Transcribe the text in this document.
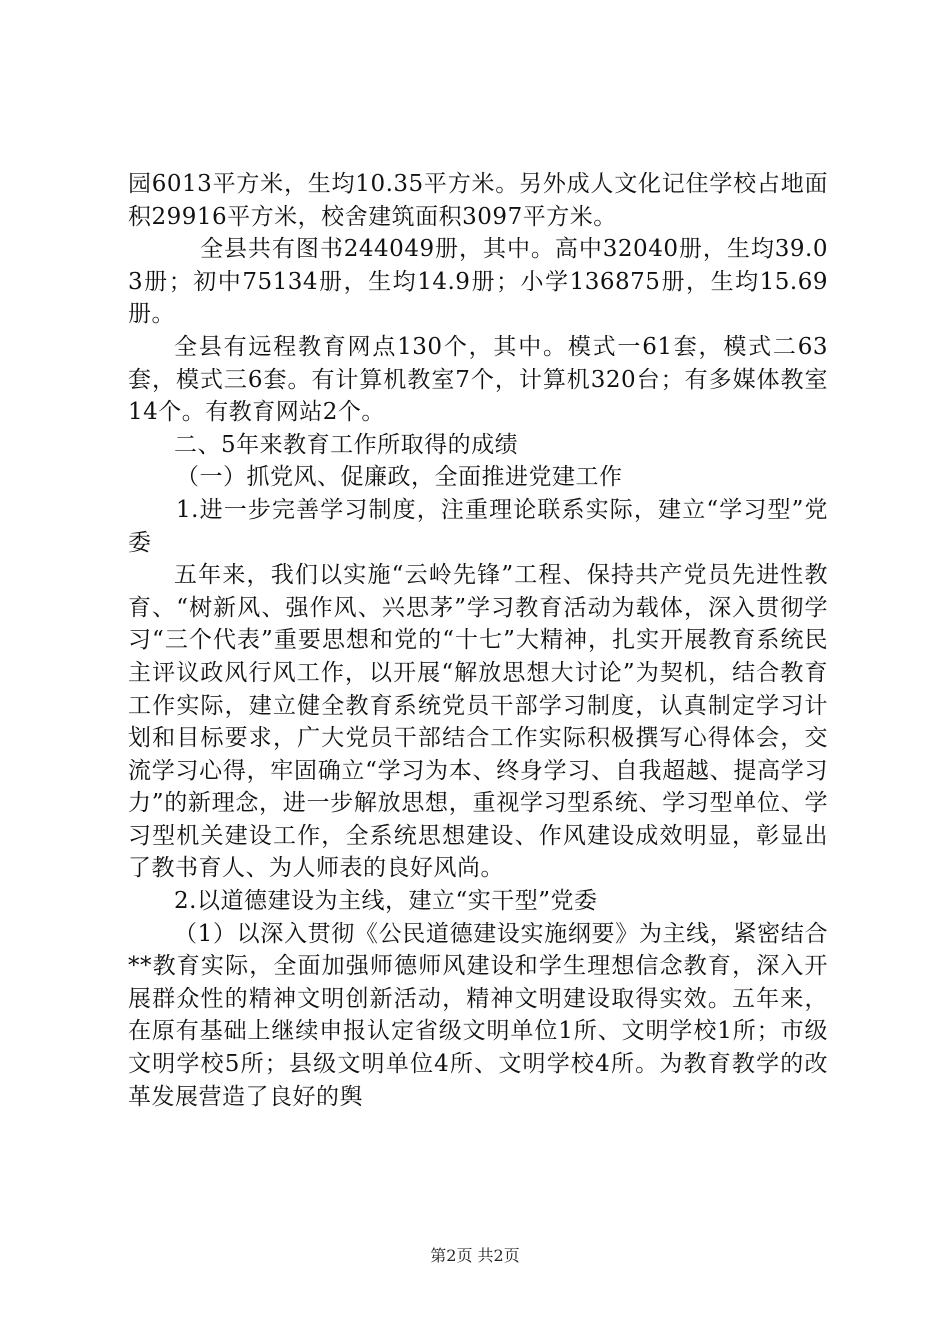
园6013平方米，生均10.35平方米。另外成人文化记住学校占地面积29916平方米，校舍建筑面积3097平方米。

全县共有图书244049册，其中。高中32040册，生均39.03册；初中75134册，生均14.9册；小学136875册，生均15.69册。

全县有远程教育网点130个，其中。模式一61套，模式二63套，模式三6套。有计算机教室7个，计算机320台；有多媒体教室14个。有教育网站2个。

二、5年来教育工作所取得的成绩

（一）抓党风、促廉政，全面推进党建工作

1.进一步完善学习制度，注重理论联系实际，建立“学习型”党委

五年来，我们以实施“云岭先锋”工程、保持共产党员先进性教育、“树新风、强作风、兴思茅”学习教育活动为载体，深入贯彻学习“三个代表”重要思想和党的“十七”大精神，扎实开展教育系统民主评议政风行风工作，以开展“解放思想大讨论”为契机，结合教育工作实际，建立健全教育系统党员干部学习制度，认真制定学习计划和目标要求，广大党员干部结合工作实际积极撰写心得体会，交流学习心得，牢固确立“学习为本、终身学习、自我超越、提高学习力”的新理念，进一步解放思想，重视学习型系统、学习型单位、学习型机关建设工作，全系统思想建设、作风建设成效明显，彰显出了教书育人、为人师表的良好风尚。

2.以道德建设为主线，建立“实干型”党委

（1）以深入贯彻《公民道德建设实施纲要》为主线，紧密结合**教育实际，全面加强师德师风建设和学生理想信念教育，深入开展群众性的精神文明创新活动，精神文明建设取得实效。五年来，在原有基础上继续申报认定省级文明单位1所、文明学校1所；市级文明学校5所；县级文明单位4所、文明学校4所。为教育教学的改革发展营造了良好的舆

第2页 共2页
